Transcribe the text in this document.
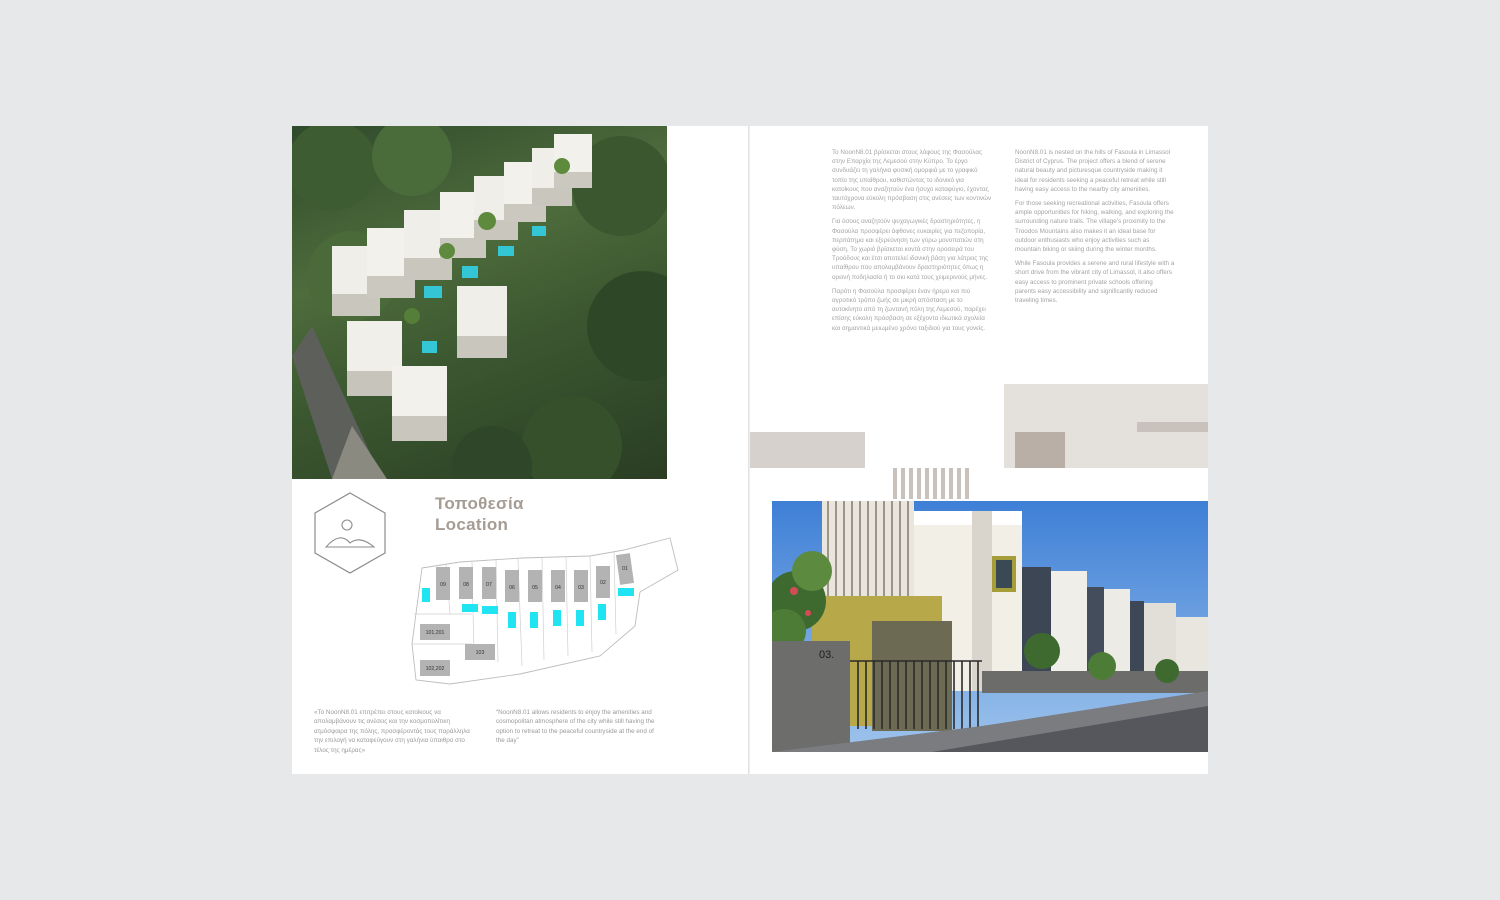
Τοποθεσία
Location
09	08	07	06	05	04	03
02
01
101,201
103
102,202
«Το NoonN8.01 επιτρέπει στους κατοίκους να απολαμβάνουν τις ανέσεις και την κοσμοπολίτικη ατμόσφαιρα της πόλης, προσφέροντάς τους παράλληλα την επιλογή να καταφεύγουν στη γαλήνια ύπαιθρο στο τέλος της ημέρας»
“NoonN8.01 allows residents to enjoy the amenities and cosmopolitan atmosphere of the city while still having the option to retreat to the peaceful countryside at the end of the day”

Το NoonN8.01 βρίσκεται στους λόφους της Φασούλας στην Επαρχία της Λεμεσού στην Κύπρο. Το έργο συνδυάζει τη γαλήνια φυσική ομορφιά με το γραφικό τοπίο της υπαίθρου, καθιστώντας το ιδανικό για κατοίκους που αναζητούν ένα ήσυχο καταφύγιο, έχοντας ταυτόχρονα εύκολη πρόσβαση στις ανέσεις των κοντινών πόλεων.

Για όσους αναζητούν ψυχαγωγικές δραστηριότητες, η Φασούλα προσφέρει άφθονες ευκαιρίες για πεζοπορία, περπάτημα και εξερεύνηση των γύρω μονοπατιών στη φύση. Το χωριό βρίσκεται κοντά στην οροσειρά του Τροόδους και έτσι αποτελεί ιδανική βάση για λάτρεις της υπαίθρου που απολαμβάνουν δραστηριότητες όπως η ορεινή ποδηλασία ή το σκι κατά τους χειμερινούς μήνες.

Παρότι η Φασούλα προσφέρει έναν ήρεμο και πιο αγροτικό τρόπο ζωής σε μικρή απόσταση με το αυτοκίνητο από τη ζωντανή πόλη της Λεμεσού, παρέχει επίσης εύκολη πρόσβαση σε εξέχοντα ιδιωτικά σχολεία και σημαντικά μειωμένο χρόνο ταξιδιού για τους γονείς.

NoonN8.01 is nested on the hills of Fasoula in Limassol District of Cyprus. The project offers a blend of serene natural beauty and picturesque countryside making it ideal for residents seeking a peaceful retreat while still having easy access to the nearby city amenities.

For those seeking recreational activities, Fasoula offers ample opportunities for hiking, walking, and exploring the surrounding nature trails. The village's proximity to the Troodos Mountains also makes it an ideal base for outdoor enthusiasts who enjoy activities such as mountain biking or skiing during the winter months.

While Fasoula provides a serene and rural lifestyle with a short drive from the vibrant city of Limassol, it also offers easy access to prominent private schools offering parents easy accessibility and significantly reduced traveling times.

03.
